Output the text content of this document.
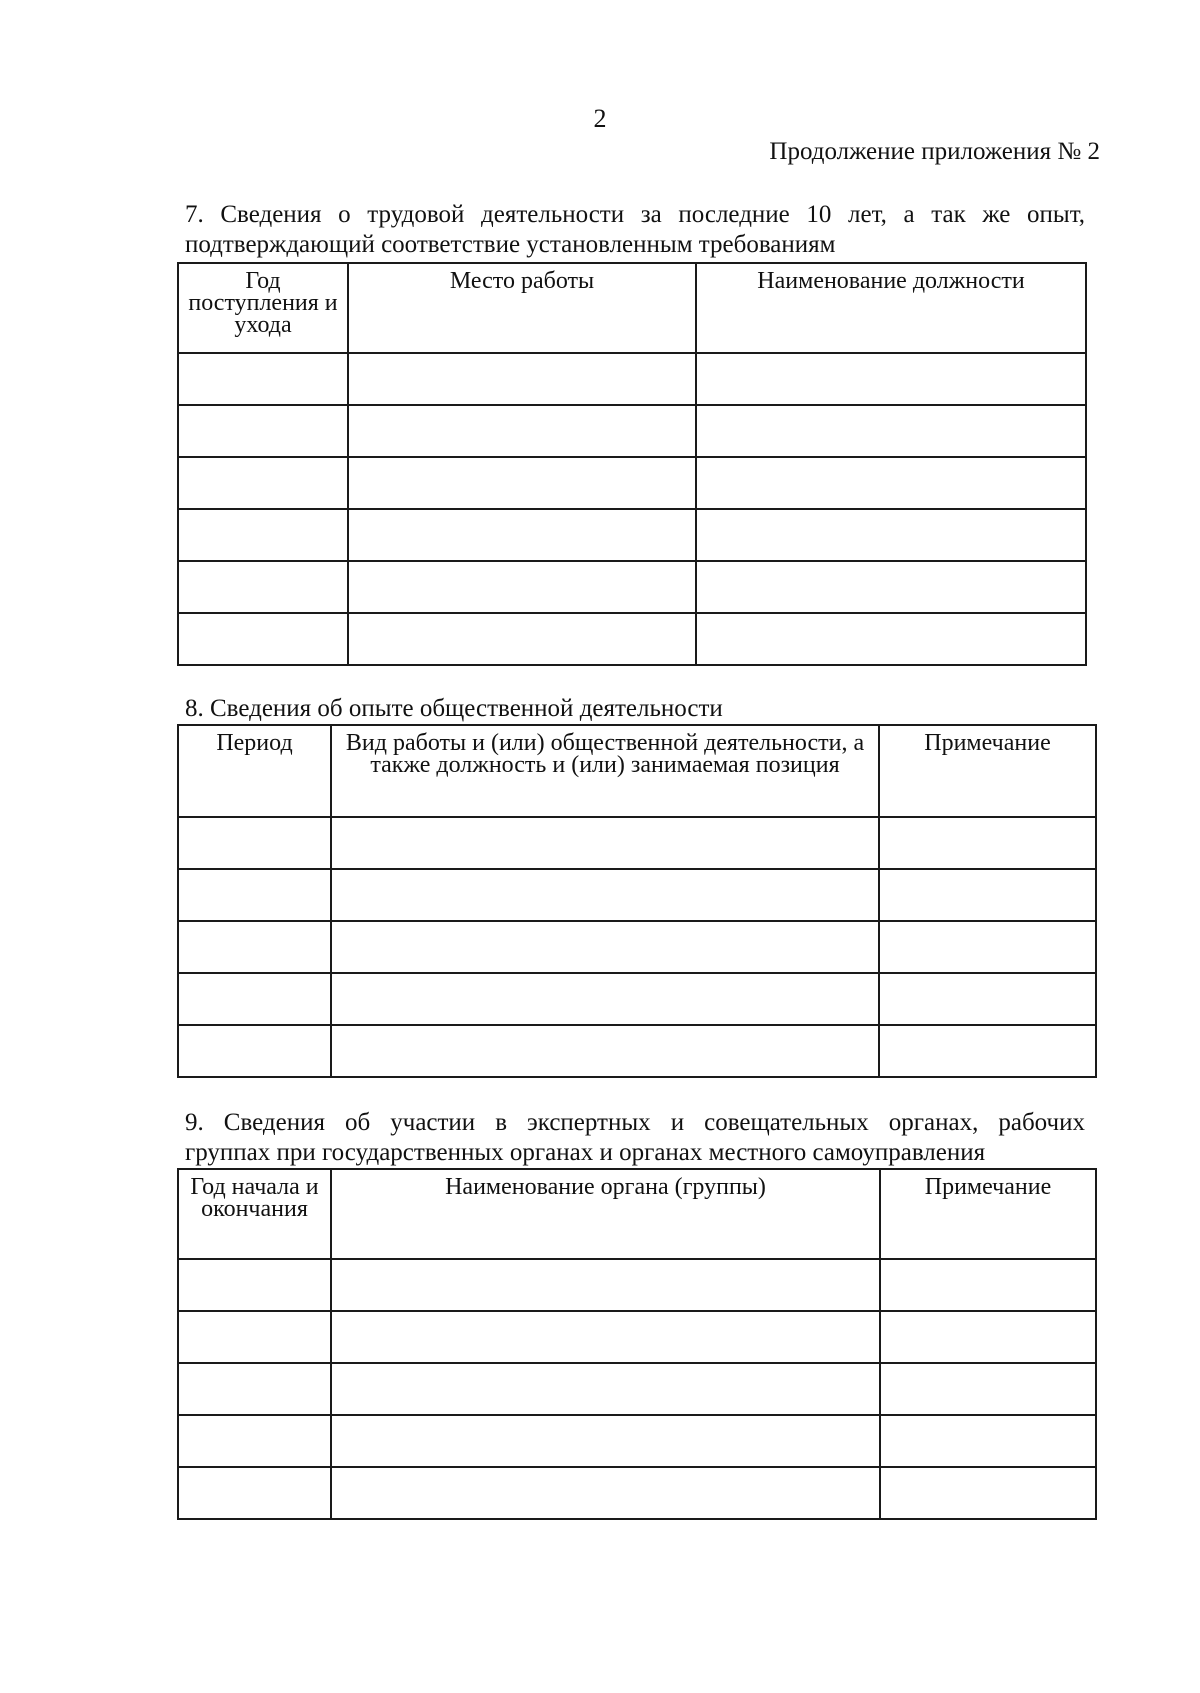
2
Продолжение приложения № 2
7. Сведения о трудовой деятельности за последние 10 лет, а так же опыт,
подтверждающий соответствие установленным требованиям
Год поступления и ухода	Место работы	Наименование должности

8. Сведения об опыте общественной деятельности
Период	Вид работы и (или) общественной деятельности, а также должность и (или) занимаемая позиция	Примечание

9. Сведения об участии в экспертных и совещательных органах, рабочих
группах при государственных органах и органах местного самоуправления
Год начала и окончания	Наименование органа (группы)	Примечание
